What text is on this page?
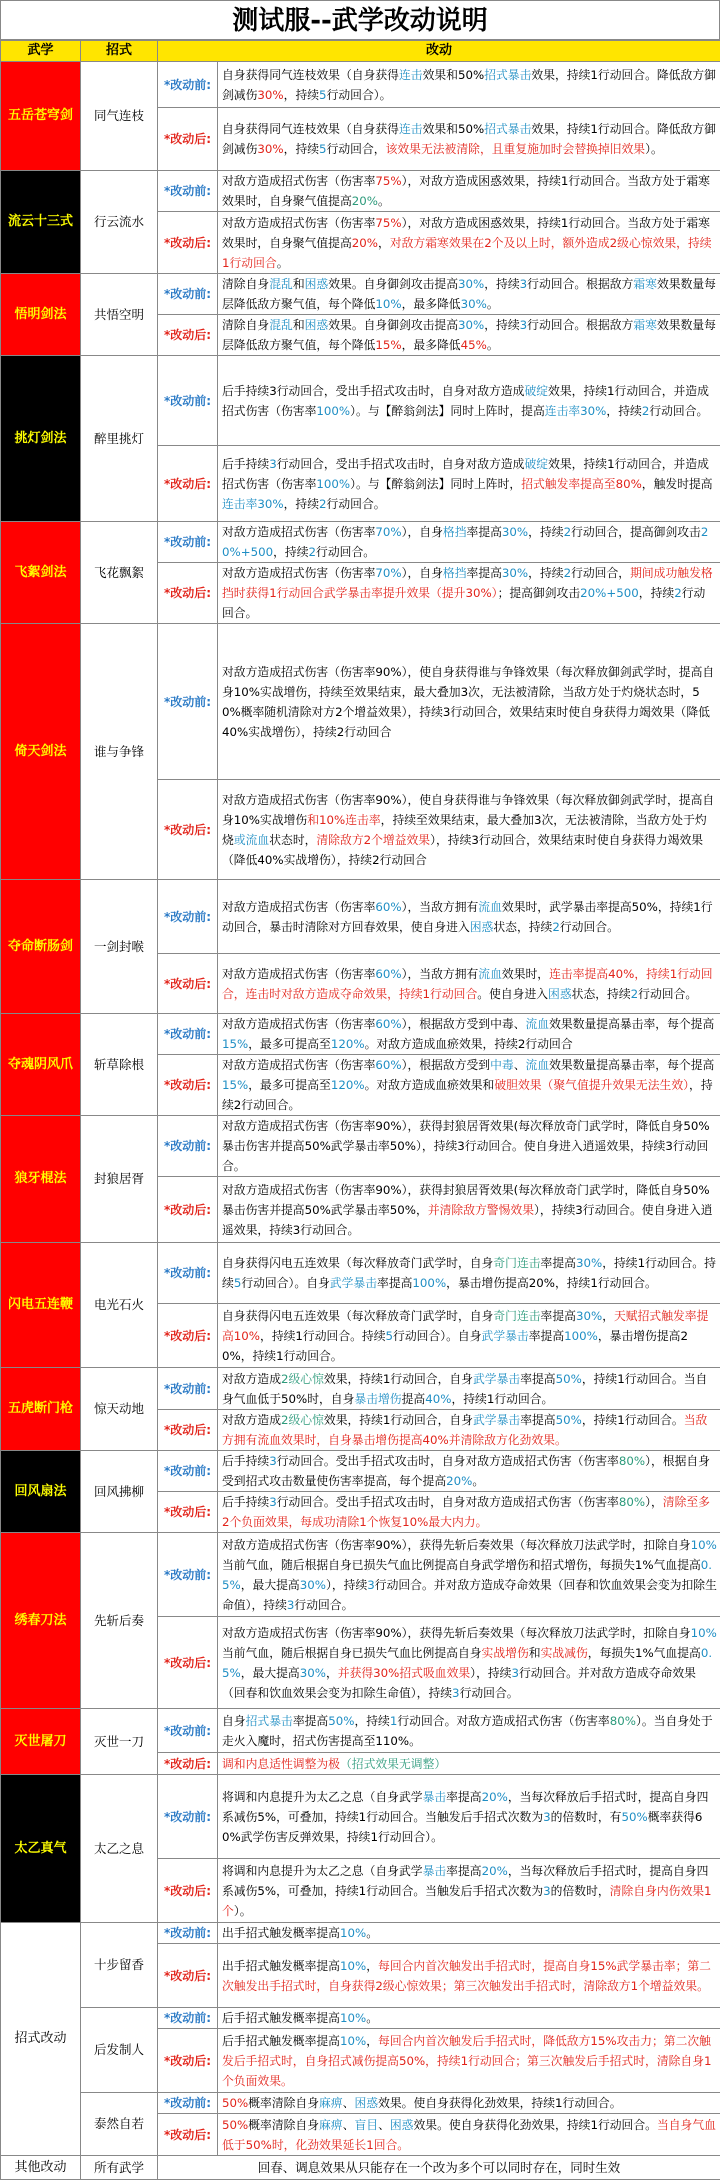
测试服--武学改动说明
武学	招式	改动	
五岳苍穹剑	同气连枝	*改动前:	自身获得同气连枝效果（自身获得连击效果和50%招式暴击效果，持续1行动回合。降低敌方御剑减伤30%，持续5行动回合）。
		*改动后:	自身获得同气连枝效果（自身获得连击效果和50%招式暴击效果，持续1行动回合。降低敌方御剑减伤30%，持续5行动回合，该效果无法被清除，且重复施加时会替换掉旧效果）。
流云十三式	行云流水	*改动前:	对敌方造成招式伤害（伤害率75%），对敌方造成困惑效果，持续1行动回合。当敌方处于霜寒效果时，自身聚气值提高20%。
		*改动后:	对敌方造成招式伤害（伤害率75%），对敌方造成困惑效果，持续1行动回合。当敌方处于霜寒效果时，自身聚气值提高20%，对敌方霜寒效果在2个及以上时，额外造成2级心惊效果，持续1行动回合。
悟明剑法	共悟空明	*改动前:	清除自身混乱和困惑效果。自身御剑攻击提高30%，持续3行动回合。根据敌方霜寒效果数量每层降低敌方聚气值，每个降低10%，最多降低30%。
		*改动后:	清除自身混乱和困惑效果。自身御剑攻击提高30%，持续3行动回合。根据敌方霜寒效果数量每层降低敌方聚气值，每个降低15%，最多降低45%。
挑灯剑法	醉里挑灯	*改动前:	后手持续3行动回合，受出手招式攻击时，自身对敌方造成破绽效果，持续1行动回合，并造成招式伤害（伤害率100%）。与【醉翁剑法】同时上阵时，提高连击率30%，持续2行动回合。
		*改动后:	后手持续3行动回合，受出手招式攻击时，自身对敌方造成破绽效果，持续1行动回合，并造成招式伤害（伤害率100%）。与【醉翁剑法】同时上阵时，招式触发率提高至80%，触发时提高连击率30%，持续2行动回合。
飞絮剑法	飞花飘絮	*改动前:	对敌方造成招式伤害（伤害率70%），自身格挡率提高30%，持续2行动回合，提高御剑攻击20%+500，持续2行动回合。
		*改动后:	对敌方造成招式伤害（伤害率70%），自身格挡率提高30%，持续2行动回合，期间成功触发格挡时获得1行动回合武学暴击率提升效果（提升30%）；提高御剑攻击20%+500，持续2行动回合。
倚天剑法	谁与争锋	*改动前:	对敌方造成招式伤害（伤害率90%），使自身获得谁与争锋效果（每次释放御剑武学时，提高自身10%实战增伤，持续至效果结束，最大叠加3次，无法被清除，当敌方处于灼烧状态时，50%概率随机清除对方2个增益效果），持续3行动回合，效果结束时使自身获得力竭效果（降低40%实战增伤），持续2行动回合
		*改动后:	对敌方造成招式伤害（伤害率90%），使自身获得谁与争锋效果（每次释放御剑武学时，提高自身10%实战增伤和10%连击率，持续至效果结束，最大叠加3次，无法被清除，当敌方处于灼烧或流血状态时，清除敌方2个增益效果），持续3行动回合，效果结束时使自身获得力竭效果（降低40%实战增伤），持续2行动回合
夺命断肠剑	一剑封喉	*改动前:	对敌方造成招式伤害（伤害率60%），当敌方拥有流血效果时，武学暴击率提高50%，持续1行动回合，暴击时清除对方回春效果，使自身进入困惑状态，持续2行动回合。
		*改动后:	对敌方造成招式伤害（伤害率60%），当敌方拥有流血效果时，连击率提高40%，持续1行动回合，连击时对敌方造成夺命效果，持续1行动回合。使自身进入困惑状态，持续2行动回合。
夺魂阴风爪	斩草除根	*改动前:	对敌方造成招式伤害（伤害率60%），根据敌方受到中毒、流血效果数量提高暴击率，每个提高15%，最多可提高至120%。对敌方造成血瘀效果，持续2行动回合
		*改动后:	对敌方造成招式伤害（伤害率60%），根据敌方受到中毒、流血效果数量提高暴击率，每个提高15%，最多可提高至120%。对敌方造成血瘀效果和破胆效果（聚气值提升效果无法生效），持续2行动回合。
狼牙棍法	封狼居胥	*改动前:	对敌方造成招式伤害（伤害率90%），获得封狼居胥效果(每次释放奇门武学时，降低自身50%暴击伤害并提高50%武学暴击率50%），持续3行动回合。使自身进入逍遥效果，持续3行动回合。
		*改动后:	对敌方造成招式伤害（伤害率90%），获得封狼居胥效果(每次释放奇门武学时，降低自身50%暴击伤害并提高50%武学暴击率50%，并清除敌方警惕效果），持续3行动回合。使自身进入逍遥效果，持续3行动回合。
闪电五连鞭	电光石火	*改动前:	自身获得闪电五连效果（每次释放奇门武学时，自身奇门连击率提高30%，持续1行动回合。持续5行动回合）。自身武学暴击率提高100%，暴击增伤提高20%，持续1行动回合。
		*改动后:	自身获得闪电五连效果（每次释放奇门武学时，自身奇门连击率提高30%，天赋招式触发率提高10%，持续1行动回合。持续5行动回合）。自身武学暴击率提高100%，暴击增伤提高20%，持续1行动回合。
五虎断门枪	惊天动地	*改动前:	对敌方造成2级心惊效果，持续1行动回合，自身武学暴击率提高50%，持续1行动回合。当自身气血低于50%时，自身暴击增伤提高40%，持续1行动回合。
		*改动后:	对敌方造成2级心惊效果，持续1行动回合，自身武学暴击率提高50%，持续1行动回合。当敌方拥有流血效果时，自身暴击增伤提高40%并清除敌方化劲效果。
回风扇法	回风拂柳	*改动前:	后手持续3行动回合。受出手招式攻击时，自身对敌方造成招式伤害（伤害率80%），根据自身受到招式攻击数量使伤害率提高，每个提高20%。
		*改动后:	后手持续3行动回合。受出手招式攻击时，自身对敌方造成招式伤害（伤害率80%），清除至多2个负面效果，每成功清除1个恢复10%最大内力。
绣春刀法	先斩后奏	*改动前:	对敌方造成招式伤害（伤害率90%），获得先斩后奏效果（每次释放刀法武学时，扣除自身10%当前气血，随后根据自身已损失气血比例提高自身武学增伤和招式增伤，每损失1%气血提高0.5%，最大提高30%），持续3行动回合。并对敌方造成夺命效果（回春和饮血效果会变为扣除生命值），持续3行动回合。
		*改动后:	对敌方造成招式伤害（伤害率90%），获得先斩后奏效果（每次释放刀法武学时，扣除自身10%当前气血，随后根据自身已损失气血比例提高自身实战增伤和实战减伤，每损失1%气血提高0.5%，最大提高30%，并获得30%招式吸血效果），持续3行动回合。并对敌方造成夺命效果（回春和饮血效果会变为扣除生命值），持续3行动回合。
灭世屠刀	灭世一刀	*改动前:	自身招式暴击率提高50%，持续1行动回合。对敌方造成招式伤害（伤害率80%）。当自身处于走火入魔时，招式伤害提高至110%。
		*改动后:	调和内息适性调整为极（招式效果无调整）
太乙真气	太乙之息	*改动前:	将调和内息提升为太乙之息（自身武学暴击率提高20%，当每次释放后手招式时，提高自身四系减伤5%，可叠加，持续1行动回合。当触发后手招式次数为3的倍数时，有50%概率获得60%武学伤害反弹效果，持续1行动回合）。
		*改动后:	将调和内息提升为太乙之息（自身武学暴击率提高20%，当每次释放后手招式时，提高自身四系减伤5%，可叠加，持续1行动回合。当触发后手招式次数为3的倍数时，清除自身内伤效果1个）。
招式改动	十步留香	*改动前:	出手招式触发概率提高10%。
		*改动后:	出手招式触发概率提高10%，每回合内首次触发出手招式时，提高自身15%武学暴击率；第二次触发出手招式时，自身获得2级心惊效果；第三次触发出手招式时，清除敌方1个增益效果。
	后发制人	*改动前:	后手招式触发概率提高10%。
		*改动后:	后手招式触发概率提高10%，每回合内首次触发后手招式时，降低敌方15%攻击力；第二次触发后手招式时，自身招式减伤提高50%，持续1行动回合；第三次触发后手招式时，清除自身1个负面效果。
	泰然自若	*改动前:	50%概率清除自身麻痹、困惑效果。使自身获得化劲效果，持续1行动回合。
		*改动后:	50%概率清除自身麻痹、盲目、困惑效果。使自身获得化劲效果，持续1行动回合。当自身气血低于50%时，化劲效果延长1回合。
其他改动	所有武学	回春、调息效果从只能存在一个改为多个可以同时存在，同时生效	
